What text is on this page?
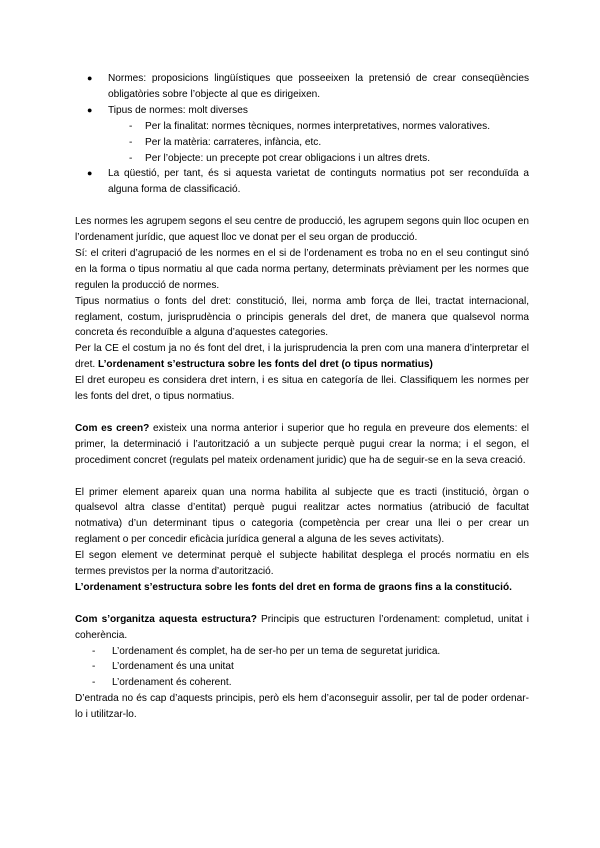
● Normes: proposicions lingüístiques que posseeixen la pretensió de crear conseqüències obligatòries sobre l’objecte al que es dirigeixen.
● Tipus de normes: molt diverses
- Per la finalitat: normes tècniques, normes interpretatives, normes valoratives.
- Per la matèria: carrateres, infància, etc.
- Per l’objecte: un precepte pot crear obligacions i un altres drets.
● La qüestió, per tant, és si aquesta varietat de continguts normatius pot ser reconduïda a alguna forma de classificació.

Les normes les agrupem segons el seu centre de producció, les agrupem segons quin lloc ocupen en l’ordenament jurídic, que aquest lloc ve donat per el seu organ de producció.

Sí: el criteri d’agrupació de les normes en el si de l’ordenament es troba no en el seu contingut sinó en la forma o tipus normatiu al que cada norma pertany, determinats prèviament per les normes que regulen la producció de normes.

Tipus normatius o fonts del dret: constitució, llei, norma amb força de llei, tractat internacional, reglament, costum, jurisprudència o principis generals del dret, de manera que qualsevol norma concreta és reconduïble a alguna d’aquestes categories.

Per la CE el costum ja no és font del dret, i la jurisprudencia la pren com una manera d’interpretar el dret. L’ordenament s’estructura sobre les fonts del dret (o tipus normatius)

El dret europeu es considera dret intern, i es situa en categoría de llei. Classifiquem les normes per les fonts del dret, o tipus normatius.

Com es creen? existeix una norma anterior i superior que ho regula en preveure dos elements: el primer, la determinació i l’autorització a un subjecte perquè pugui crear la norma; i el segon, el procediment concret (regulats pel mateix ordenament juridic) que ha de seguir-se en la seva creació.

El primer element apareix quan una norma habilita al subjecte que es tracti (institució, òrgan o qualsevol altra classe d’entitat) perquè pugui realitzar actes normatius (atribució de facultat notmativa) d’un determinant tipus o categoria (competència per crear una llei o per crear un reglament o per concedir eficàcia jurídica general a alguna de les seves activitats).

El segon element ve determinat perquè el subjecte habilitat desplega el procés normatiu en els termes previstos per la norma d’autorització.

L’ordenament s’estructura sobre les fonts del dret en forma de graons fins a la constitució.

Com s’organitza aquesta estructura? Principis que estructuren l’ordenament: completud, unitat i coherència.

- L’ordenament és complet, ha de ser-ho per un tema de seguretat juridica.
- L’ordenament és una unitat
- L’ordenament és coherent.

D’entrada no és cap d’aquests principis, però els hem d’aconseguir assolir, per tal de poder ordenar-lo i utilitzar-lo.
